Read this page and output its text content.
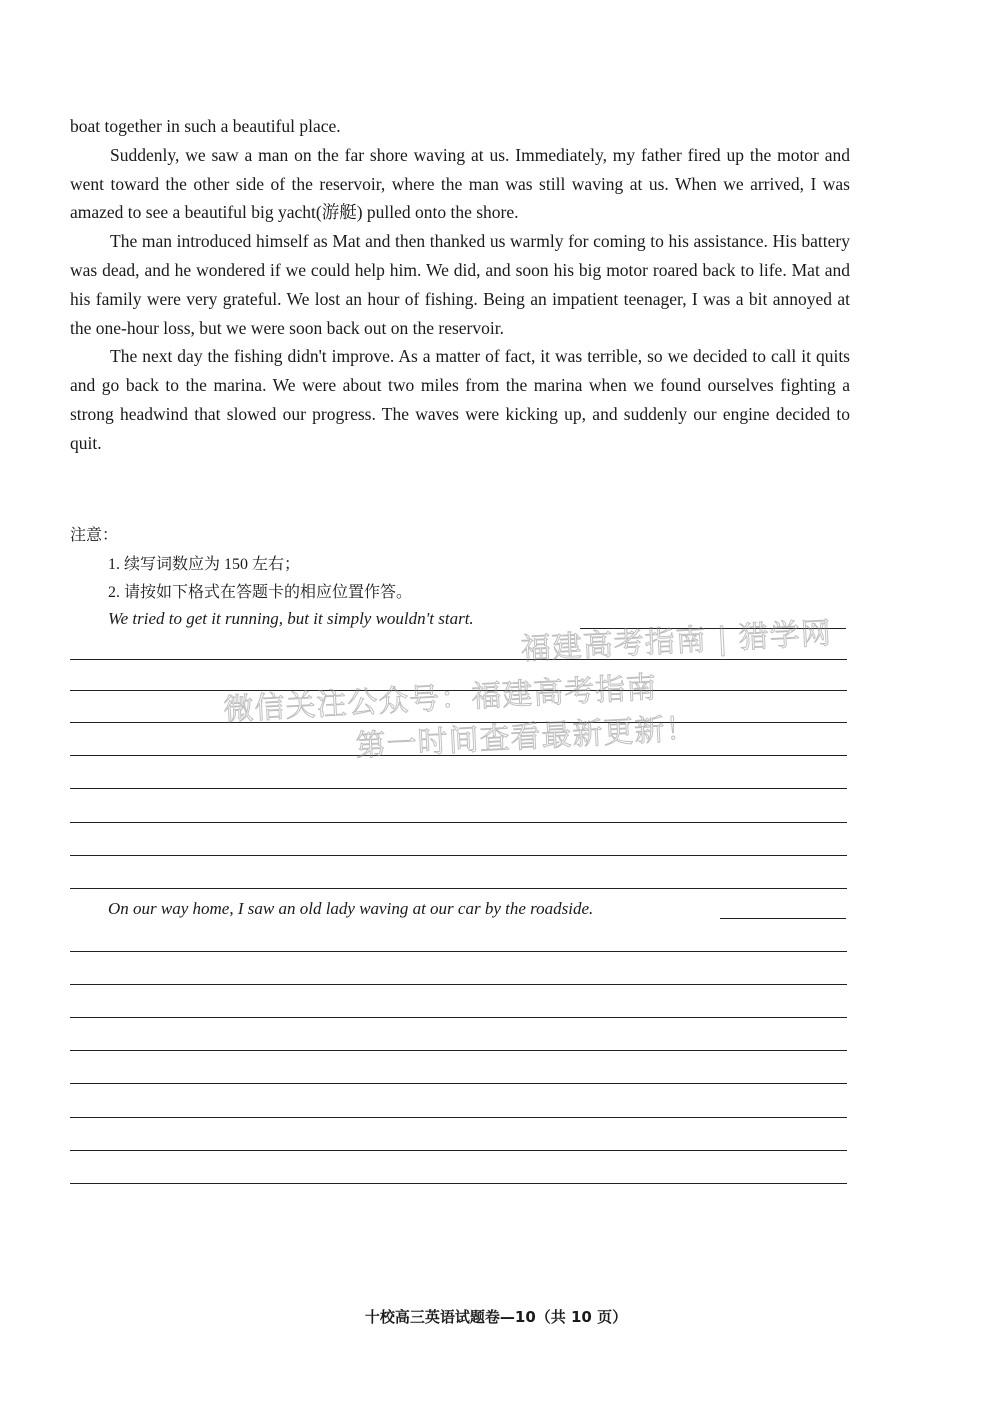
boat together in such a beautiful place.

Suddenly, we saw a man on the far shore waving at us. Immediately, my father fired up the motor and went toward the other side of the reservoir, where the man was still waving at us. When we arrived, I was amazed to see a beautiful big yacht(游艇) pulled onto the shore.

The man introduced himself as Mat and then thanked us warmly for coming to his assistance. His battery was dead, and he wondered if we could help him. We did, and soon his big motor roared back to life. Mat and his family were very grateful. We lost an hour of fishing. Being an impatient teenager, I was a bit annoyed at the one-hour loss, but we were soon back out on the reservoir.

The next day the fishing didn't improve. As a matter of fact, it was terrible, so we decided to call it quits and go back to the marina. We were about two miles from the marina when we found ourselves fighting a strong headwind that slowed our progress. The waves were kicking up, and suddenly our engine decided to quit.

注意：

1. 续写词数应为 150 左右；

2. 请按如下格式在答题卡的相应位置作答。

We tried to get it running, but it simply wouldn't start.
On our way home, I saw an old lady waving at our car by the roadside.
福建高考指南 | 猎学网
微信关注公众号：福建高考指南
第一时间查看最新更新！
十校高三英语试题卷—10（共 10 页）
